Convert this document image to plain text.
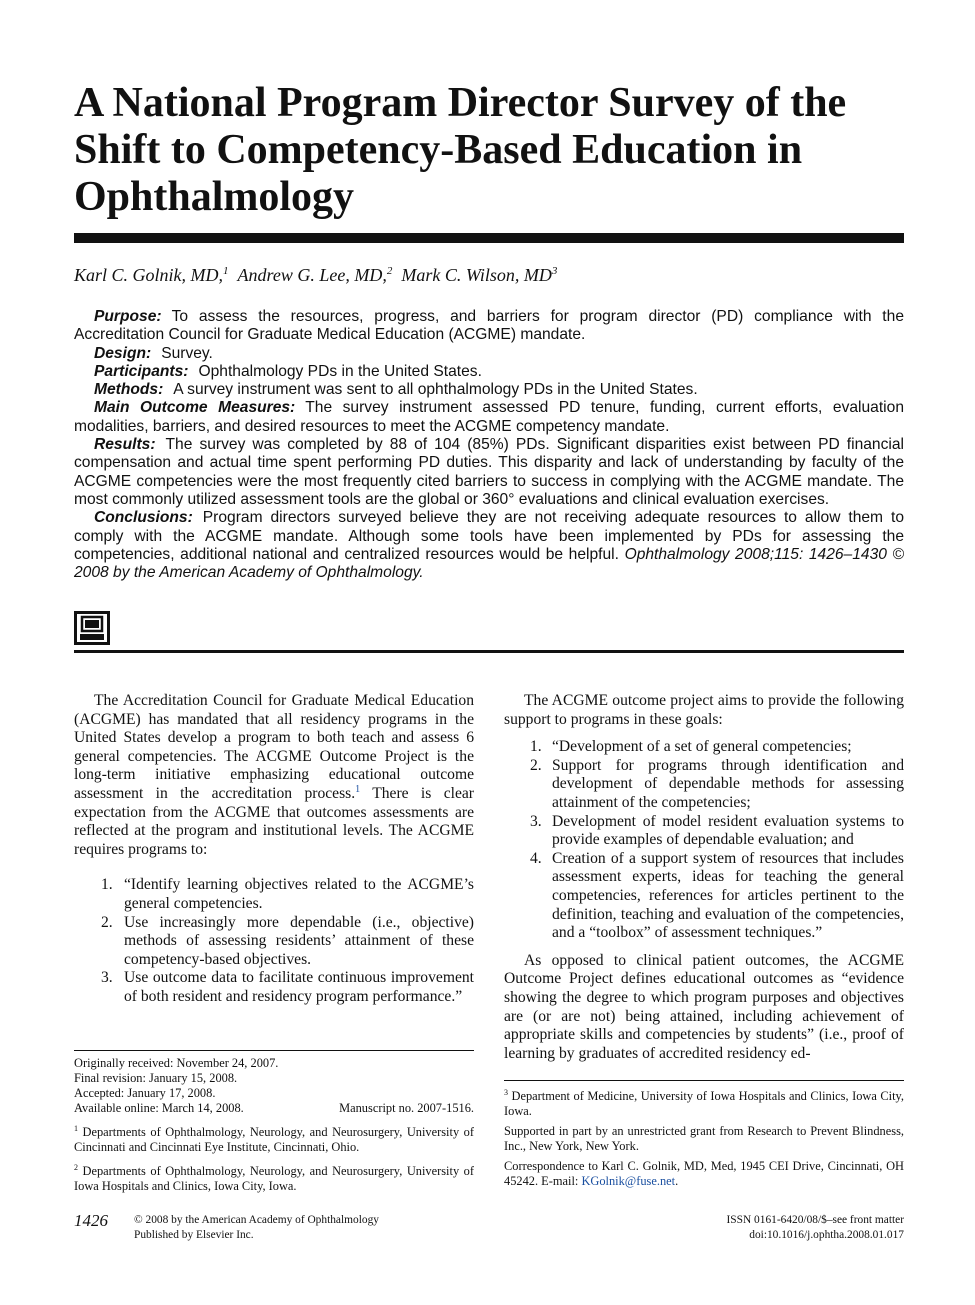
A National Program Director Survey of the Shift to Competency-Based Education in Ophthalmology
Karl C. Golnik, MD,$^1$ Andrew G. Lee, MD,$^2$ Mark C. Wilson, $MD^3$

Purpose: To assess the resources, progress, and barriers for program director (PD) compliance with the Accreditation Council for Graduate Medical Education (ACGME) mandate.

Design: Survey.

Participants: Ophthalmology PDs in the United States.

Methods: A survey instrument was sent to all ophthalmology PDs in the United States.

Main Outcome Measures: The survey instrument assessed PD tenure, funding, current efforts, evaluation modalities, barriers, and desired resources to meet the ACGME competency mandate.

Results: The survey was completed by 88 of 104 (85%) PDs. Significant disparities exist between PD financial compensation and actual time spent performing PD duties. This disparity and lack of understanding by faculty of the ACGME competencies were the most frequently cited barriers to success in complying with the ACGME mandate. The most commonly utilized assessment tools are the global or 360° evaluations and clinical evaluation exercises.

Conclusions: Program directors surveyed believe they are not receiving adequate resources to allow them to comply with the ACGME mandate. Although some tools have been implemented by PDs for assessing the competencies, additional national and centralized resources would be helpful. Ophthalmology 2008;115: 1426–1430 © 2008 by the American Academy of Ophthalmology.

The Accreditation Council for Graduate Medical Education (ACGME) has mandated that all residency programs in the United States develop a program to both teach and assess 6 general competencies. The ACGME Outcome Project is the long-term initiative emphasizing educational outcome assessment in the accreditation process.$^1$ There is clear expectation from the ACGME that outcomes assessments are reflected at the program and institutional levels. The ACGME requires programs to:

1. “Identify learning objectives related to the ACGME’s general competencies.
2. Use increasingly more dependable (i.e., objective) methods of assessing residents’ attainment of these competency-based objectives.
3. Use outcome data to facilitate continuous improvement of both resident and residency program performance.”

The ACGME outcome project aims to provide the following support to programs in these goals:

1. “Development of a set of general competencies;
2. Support for programs through identification and development of dependable methods for assessing attainment of the competencies;
3. Development of model resident evaluation systems to provide examples of dependable evaluation; and
4. Creation of a support system of resources that includes assessment experts, ideas for teaching the general competencies, references for articles pertinent to the definition, teaching and evaluation of the competencies, and a “toolbox” of assessment techniques.”

As opposed to clinical patient outcomes, the ACGME Outcome Project defines educational outcomes as “evidence showing the degree to which program purposes and objectives are (or are not) being attained, including achievement of appropriate skills and competencies by students” (i.e., proof of learning by graduates of accredited residency ed-

Originally received: November 24, 2007.
Final revision: January 15, 2008.
Accepted: January 17, 2008.
Available online: March 14, 2008.	Manuscript no. 2007-1516.

$^1$ Departments of Ophthalmology, Neurology, and Neurosurgery, University of Cincinnati and Cincinnati Eye Institute, Cincinnati, Ohio.

$^2$ Departments of Ophthalmology, Neurology, and Neurosurgery, University of Iowa Hospitals and Clinics, Iowa City, Iowa.

$^3$ Department of Medicine, University of Iowa Hospitals and Clinics, Iowa City, Iowa.

Supported in part by an unrestricted grant from Research to Prevent Blindness, Inc., New York, New York.

Correspondence to Karl C. Golnik, MD, Med, 1945 CEI Drive, Cincinnati, OH 45242. E-mail: KGolnik@fuse.net.

1426 © 2008 by the American Academy of Ophthalmology
Published by Elsevier Inc.
ISSN 0161-6420/08/$–see front matter
doi:10.1016/j.ophtha.2008.01.017
